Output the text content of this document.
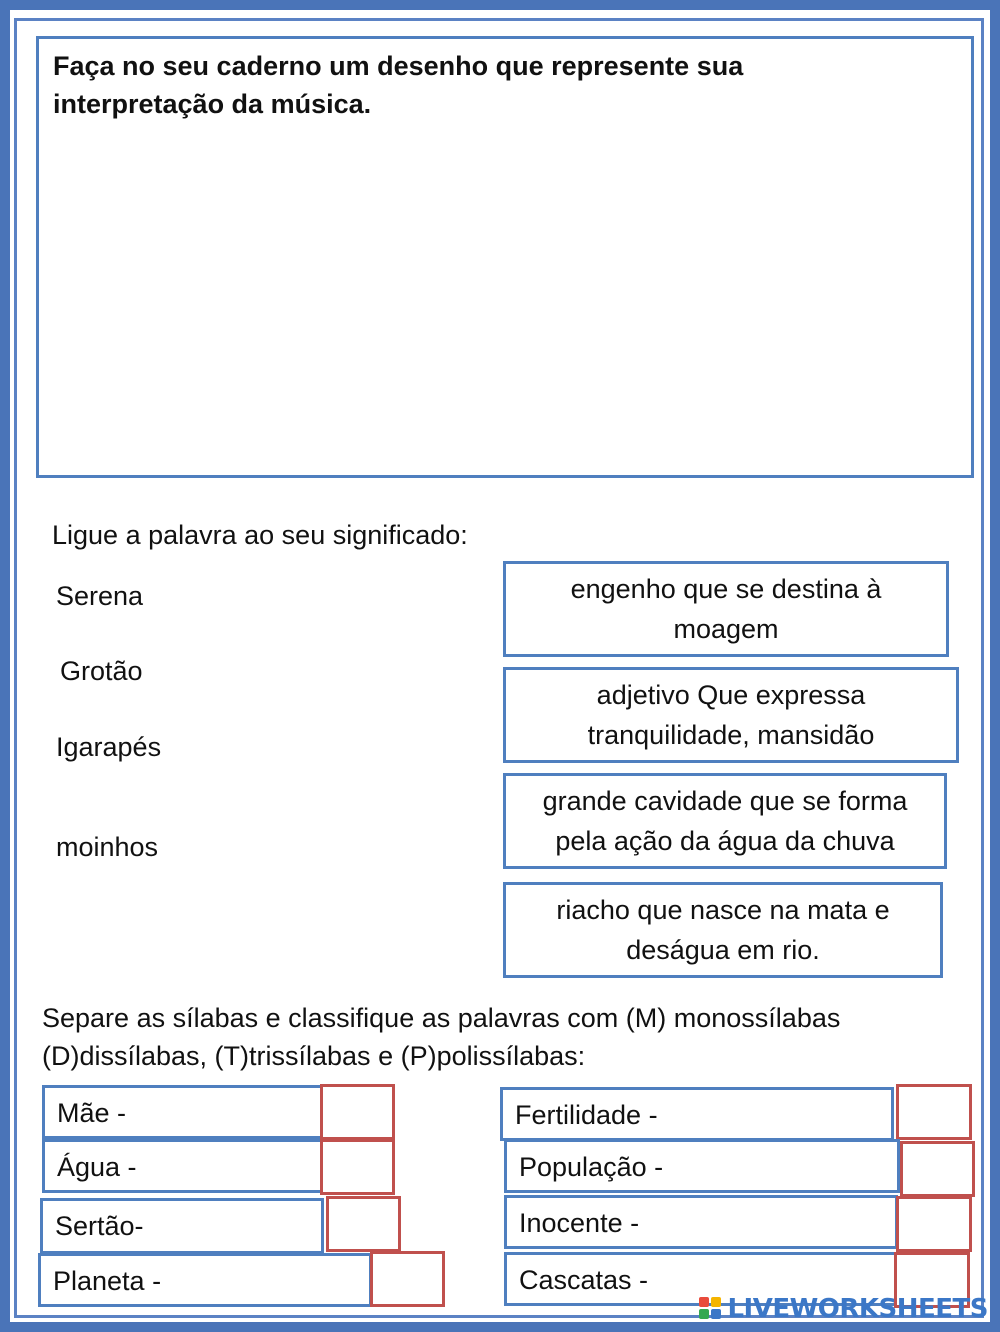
Faça no seu caderno um desenho que represente sua interpretação da música.
Ligue a palavra ao seu significado:
Serena
Grotão
Igarapés
moinhos
engenho que se destina à moagem
adjetivo Que expressa tranquilidade, mansidão
grande cavidade que se forma pela ação da água da chuva
riacho que nasce na mata e deságua em rio.
Separe as sílabas e classifique as palavras com (M) monossílabas (D)dissílabas, (T)trissílabas e (P)polissílabas:
Mãe -
Água -
Sertão-
Planeta -
Fertilidade -
População -
Inocente -
Cascatas -
LIVEWORKSHEETS
